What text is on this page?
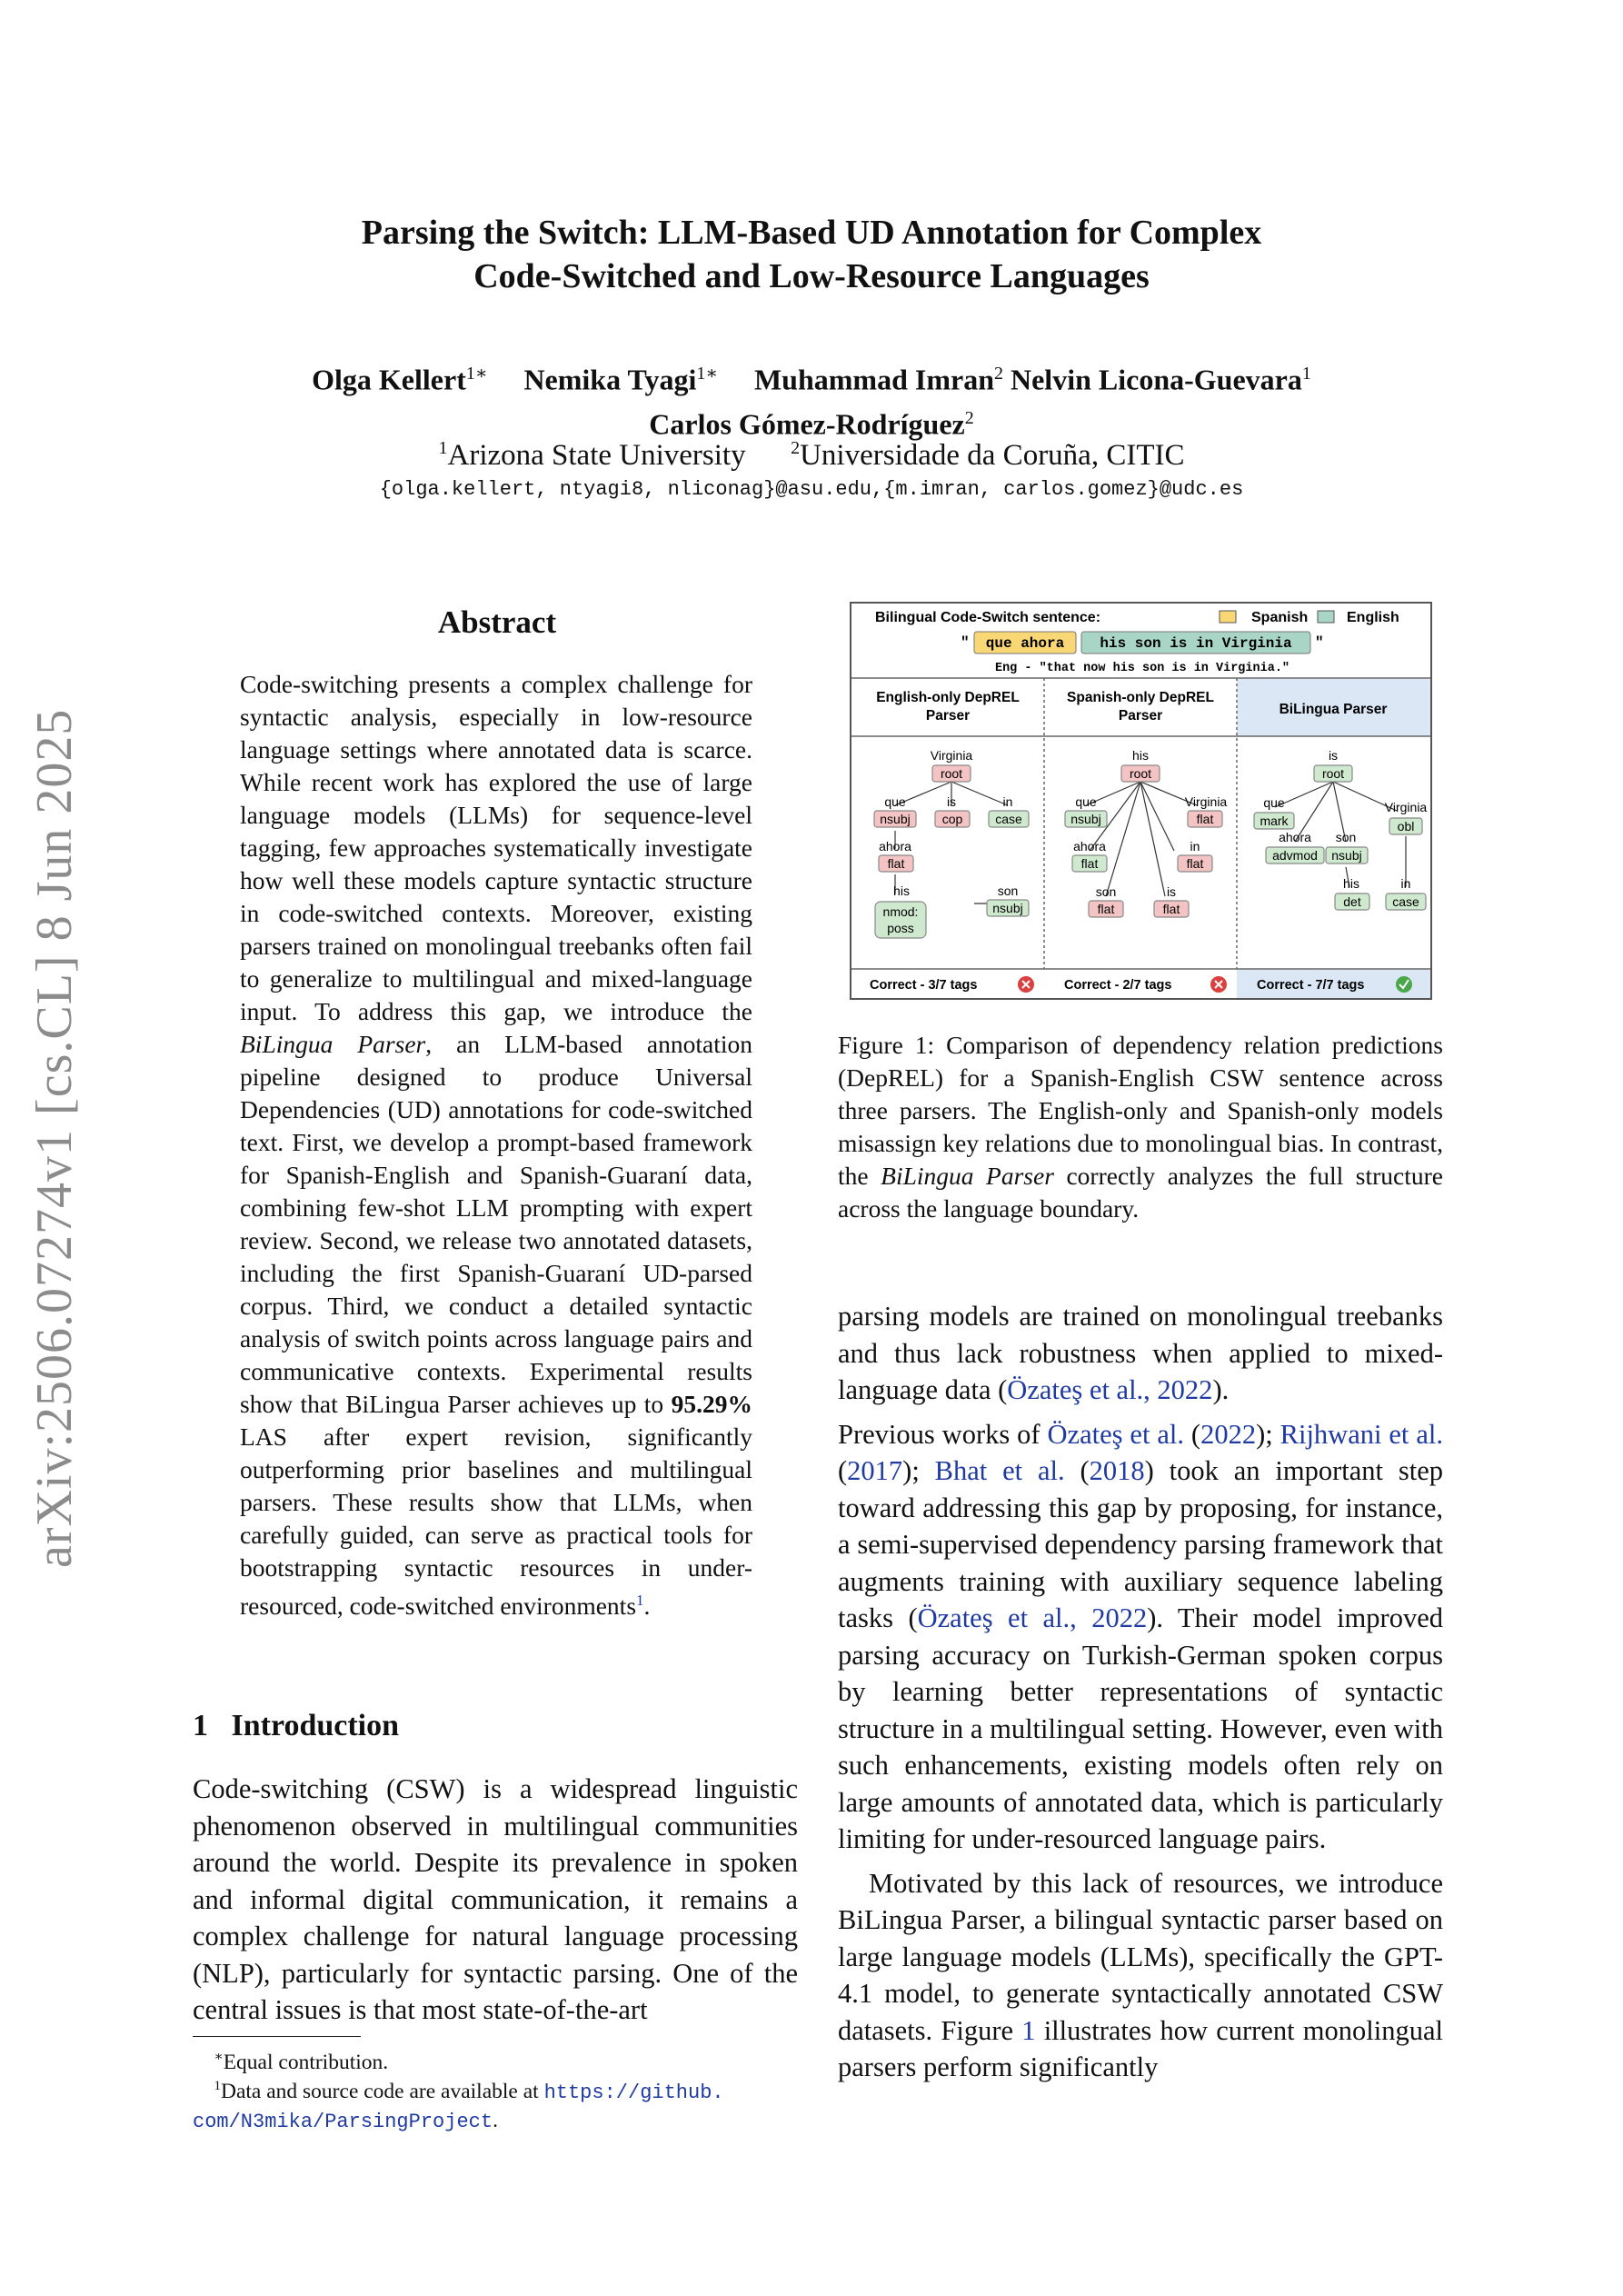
arXiv:2506.07274v1 [cs.CL] 8 Jun 2025
Parsing the Switch: LLM-Based UD Annotation for Complex
Code-Switched and Low-Resource Languages
Olga Kellert$^{1∗}$ Nemika Tyagi$^{1∗}$ Muhammad Imran$^2$ Nelvin Licona-Guevara$^1$
Carlos Gómez-Rodríguez$^2$
$^1$Arizona State University $^2$Universidade da Coruña, CITIC
{olga.kellert, ntyagi8, nliconag}@asu.edu,{m.imran, carlos.gomez}@udc.es
Abstract
Code-switching presents a complex challenge for syntactic analysis, especially in low-resource language settings where annotated data is scarce. While recent work has explored the use of large language models (LLMs) for sequence-level tagging, few approaches systematically investigate how well these models capture syntactic structure in code-switched contexts. Moreover, existing parsers trained on monolingual treebanks often fail to generalize to multilingual and mixed-language input. To address this gap, we introduce the BiLingua Parser, an LLM-based annotation pipeline designed to produce Universal Dependencies (UD) annotations for code-switched text. First, we develop a prompt-based framework for Spanish-English and Spanish-Guaraní data, combining few-shot LLM prompting with expert review. Second, we release two annotated datasets, including the first Spanish-Guaraní UD-parsed corpus. Third, we conduct a detailed syntactic analysis of switch points across language pairs and communicative contexts. Experimental results show that BiLingua Parser achieves up to 95.29% LAS after expert revision, significantly outperforming prior baselines and multilingual parsers. These results show that LLMs, when carefully guided, can serve as practical tools for bootstrapping syntactic resources in under-resourced, code-switched environments$^1$.
1 Introduction
Code-switching (CSW) is a widespread linguistic phenomenon observed in multilingual communities around the world. Despite its prevalence in spoken and informal digital communication, it remains a complex challenge for natural language processing (NLP), particularly for syntactic parsing. One of the central issues is that most state-of-the-art
∗Equal contribution.
$^1$Data and source code are available at https://github.
com/N3mika/ParsingProject.
Bilingual Code-Switch sentence:	Spanish	English
" que ahora his son is in Virginia "
Eng - "that now his son is in Virginia."
English-only DepREL
Parser
Spanish-only DepREL
Parser	BiLingua Parser
Virginia
root
que
nsubj
is
cop
in
case
ahora
flat
his
nmod:
poss
son
nsubj
his
root
que
nsubj
Virginia
flat
ahora
flat
in
flat
son
flat
is
flat
is
root
que
mark
Virginia
obl
ahora
advmod
son
nsubj
his
det
in
case
Correct - 3/7 tags	Correct - 2/7 tags	Correct - 7/7 tags
Figure 1: Comparison of dependency relation predictions (DepREL) for a Spanish-English CSW sentence across three parsers. The English-only and Spanish-only models misassign key relations due to monolingual bias. In contrast, the BiLingua Parser correctly analyzes the full structure across the language boundary.

parsing models are trained on monolingual treebanks and thus lack robustness when applied to mixed-language data (Özateş et al., 2022).

Previous works of Özateş et al. (2022); Rijhwani et al. (2017); Bhat et al. (2018) took an important step toward addressing this gap by proposing, for instance, a semi-supervised dependency parsing framework that augments training with auxiliary sequence labeling tasks (Özateş et al., 2022). Their model improved parsing accuracy on Turkish-German spoken corpus by learning better representations of syntactic structure in a multilingual setting. However, even with such enhancements, existing models often rely on large amounts of annotated data, which is particularly limiting for under-resourced language pairs.

Motivated by this lack of resources, we introduce BiLingua Parser, a bilingual syntactic parser based on large language models (LLMs), specifically the GPT-4.1 model, to generate syntactically annotated CSW datasets. Figure 1 illustrates how current monolingual parsers perform significantly
